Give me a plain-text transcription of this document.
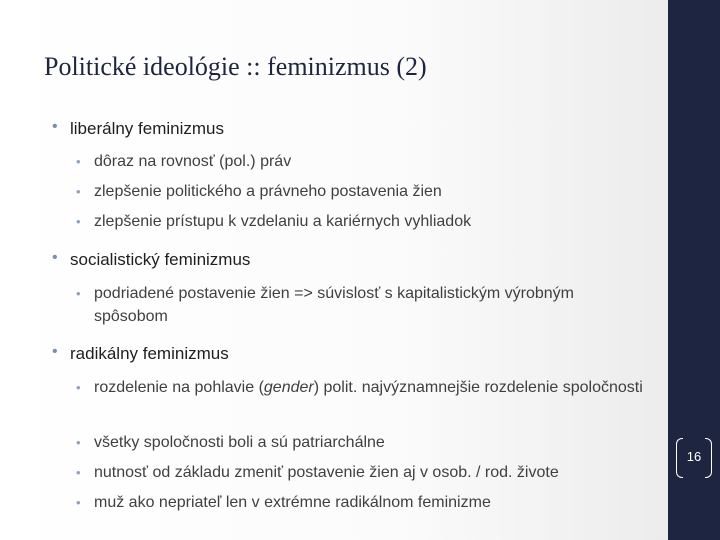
Politické ideológie :: feminizmus (2)
• liberálny feminizmus
• dôraz na rovnosť (pol.) práv
• zlepšenie politického a právneho postavenia žien
• zlepšenie prístupu k vzdelaniu a kariérnych vyhliadok
• socialistický feminizmus
• podriadené postavenie žien => súvislosť s kapitalistickým výrobným spôsobom
• radikálny feminizmus
• rozdelenie na pohlavie (gender) polit. najvýznamnejšie rozdelenie spoločnosti
• všetky spoločnosti boli a sú patriarchálne
• nutnosť od základu zmeniť postavenie žien aj v osob. / rod. živote
• muž ako nepriateľ len v extrémne radikálnom feminizme
16
